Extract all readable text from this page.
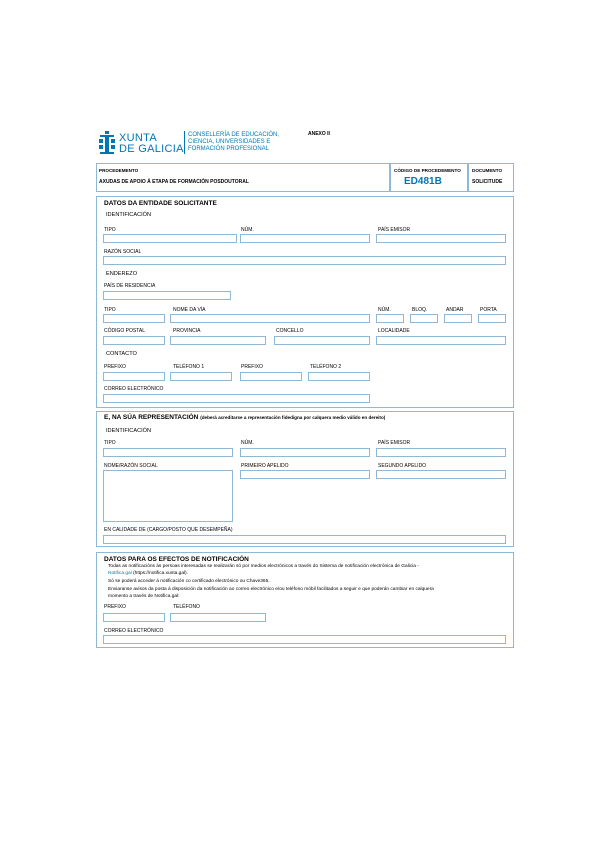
XUNTA
DE GALICIA
CONSELLERÍA DE EDUCACIÓN,
CIENCIA, UNIVERSIDADES E
FORMACIÓN PROFESIONAL
ANEXO II
PROCEDEMENTO
AXUDAS DE APOIO Á ETAPA DE FORMACIÓN POSDOUTORAL
CÓDIGO DE PROCEDEMENTO
ED481B
DOCUMENTO
SOLICITUDE
DATOS DA ENTIDADE SOLICITANTE
IDENTIFICACIÓN
TIPO	NÚM.	PAÍS EMISOR
RAZÓN SOCIAL
ENDEREZO
PAÍS DE RESIDENCIA
TIPO	NOME DA VÍA	NÚM.	BLOQ.	ANDAR	PORTA
CÓDIGO POSTAL	PROVINCIA	CONCELLO	LOCALIDADE
CONTACTO
PREFIXO	TELÉFONO 1	PREFIXO	TELÉFONO 2
CORREO ELECTRÓNICO
E, NA SÚA REPRESENTACIÓN (deberá acreditarse a representación fidedigna por calquera medio válido en dereito)
IDENTIFICACIÓN
TIPO	NÚM.	PAÍS EMISOR
NOME/RAZÓN SOCIAL	PRIMEIRO APELIDO	SEGUNDO APELIDO
EN CALIDADE DE (CARGO/POSTO QUE DESEMPEÑA)
DATOS PARA OS EFECTOS DE NOTIFICACIÓN
Todas as notificacións ás persoas interesadas se realizarán só por medios electrónicos a través do Sistema de notificación electrónica de Galicia -
Notifica.gal (https://notifica.xunta.gal).
Só se poderá acceder á notificación co certificado electrónico ou Chave365.
Enviaranse avisos da posta á disposición da notificación ao correo electrónico e/ou teléfono móbil facilitados a seguir e que poderán cambiar en calquera
momento a través de Notifica.gal:
PREFIXO	TELÉFONO
CORREO ELECTRÓNICO
